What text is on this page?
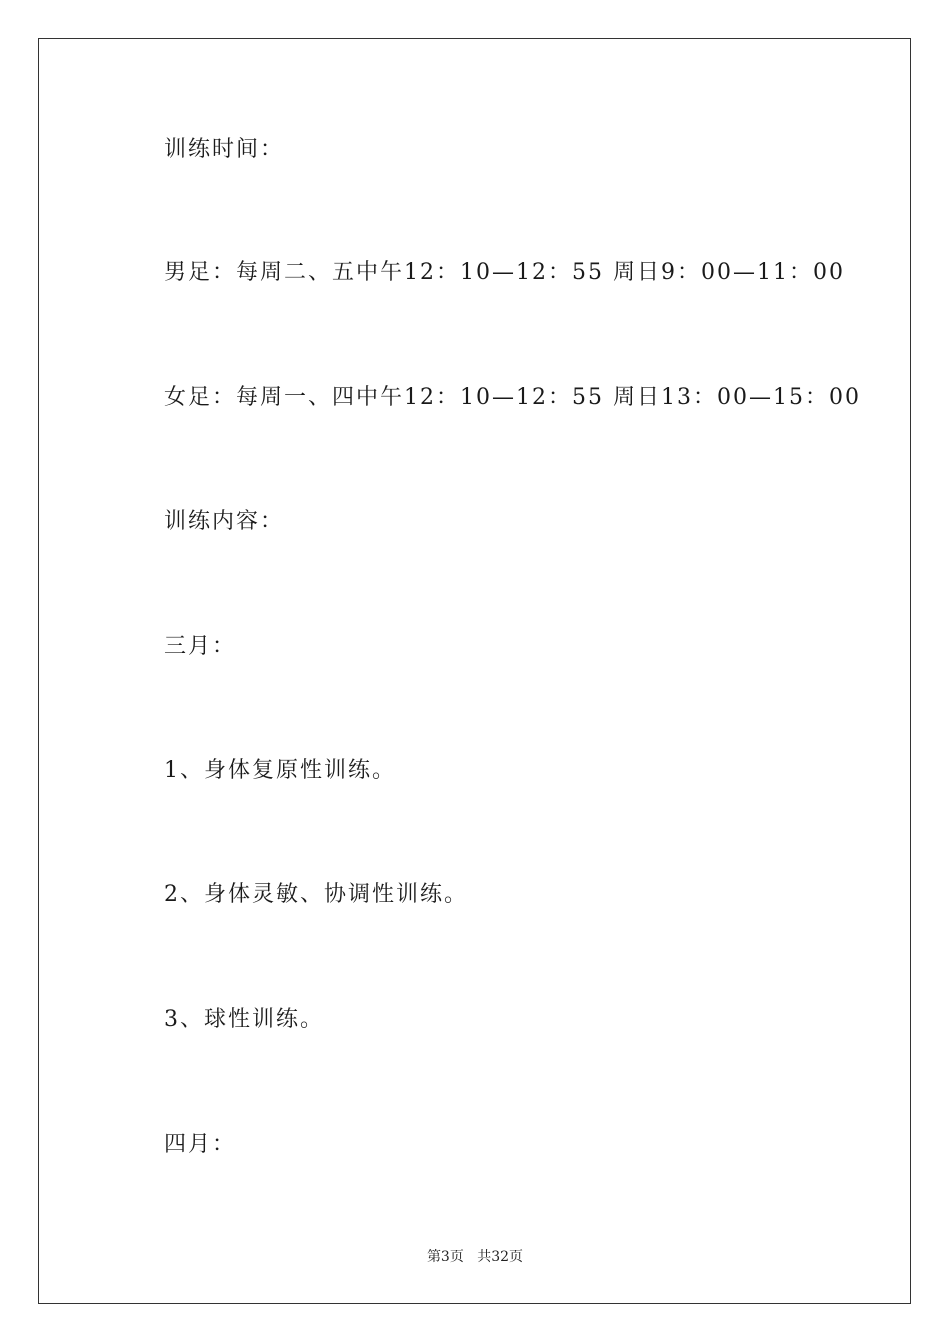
训练时间：
男足：每周二、五中午12：10—12：55 周日9：00—11：00
女足：每周一、四中午12：10—12：55 周日13：00—15：00
训练内容：
三月：
1、身体复原性训练。
2、身体灵敏、协调性训练。
3、球性训练。
四月：
第3页 共32页
